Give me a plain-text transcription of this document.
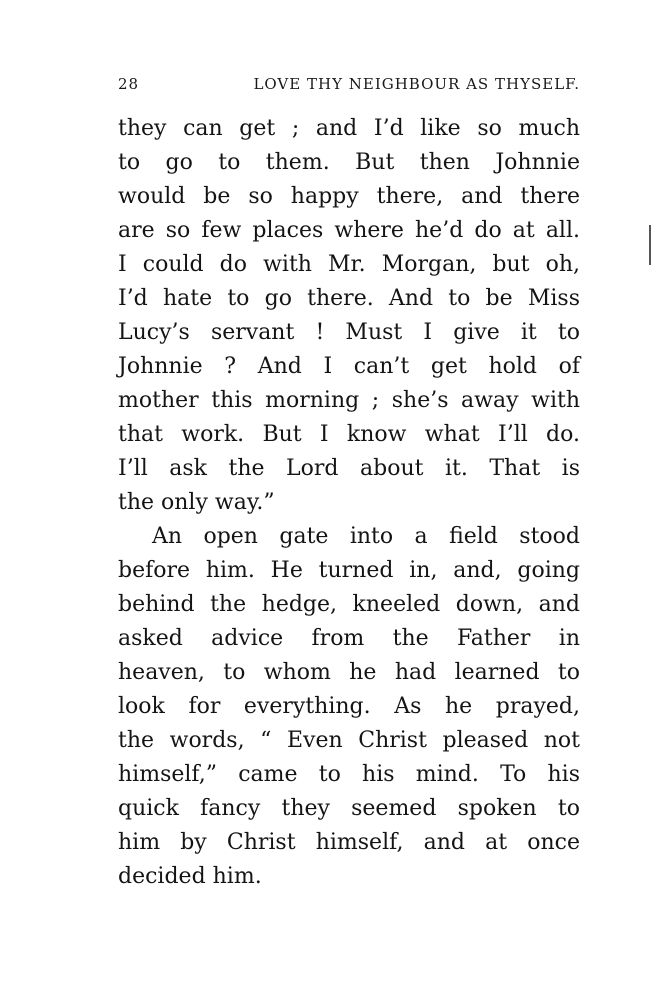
28	LOVE THY NEIGHBOUR AS THYSELF.
they can get ; and I’d like so much
to go to them. But then Johnnie
would be so happy there, and there
are so few places where he’d do at all.
I could do with Mr. Morgan, but oh,
I’d hate to go there. And to be Miss
Lucy’s servant ! Must I give it to
Johnnie ? And I can’t get hold of
mother this morning ; she’s away with
that work. But I know what I’ll do.
I’ll ask the Lord about it. That is
the only way.”
An open gate into a field stood
before him. He turned in, and, going
behind the hedge, kneeled down, and
asked advice from the Father in
heaven, to whom he had learned to
look for everything. As he prayed,
the words, “ Even Christ pleased not
himself,” came to his mind. To his
quick fancy they seemed spoken to
him by Christ himself, and at once
decided him.
